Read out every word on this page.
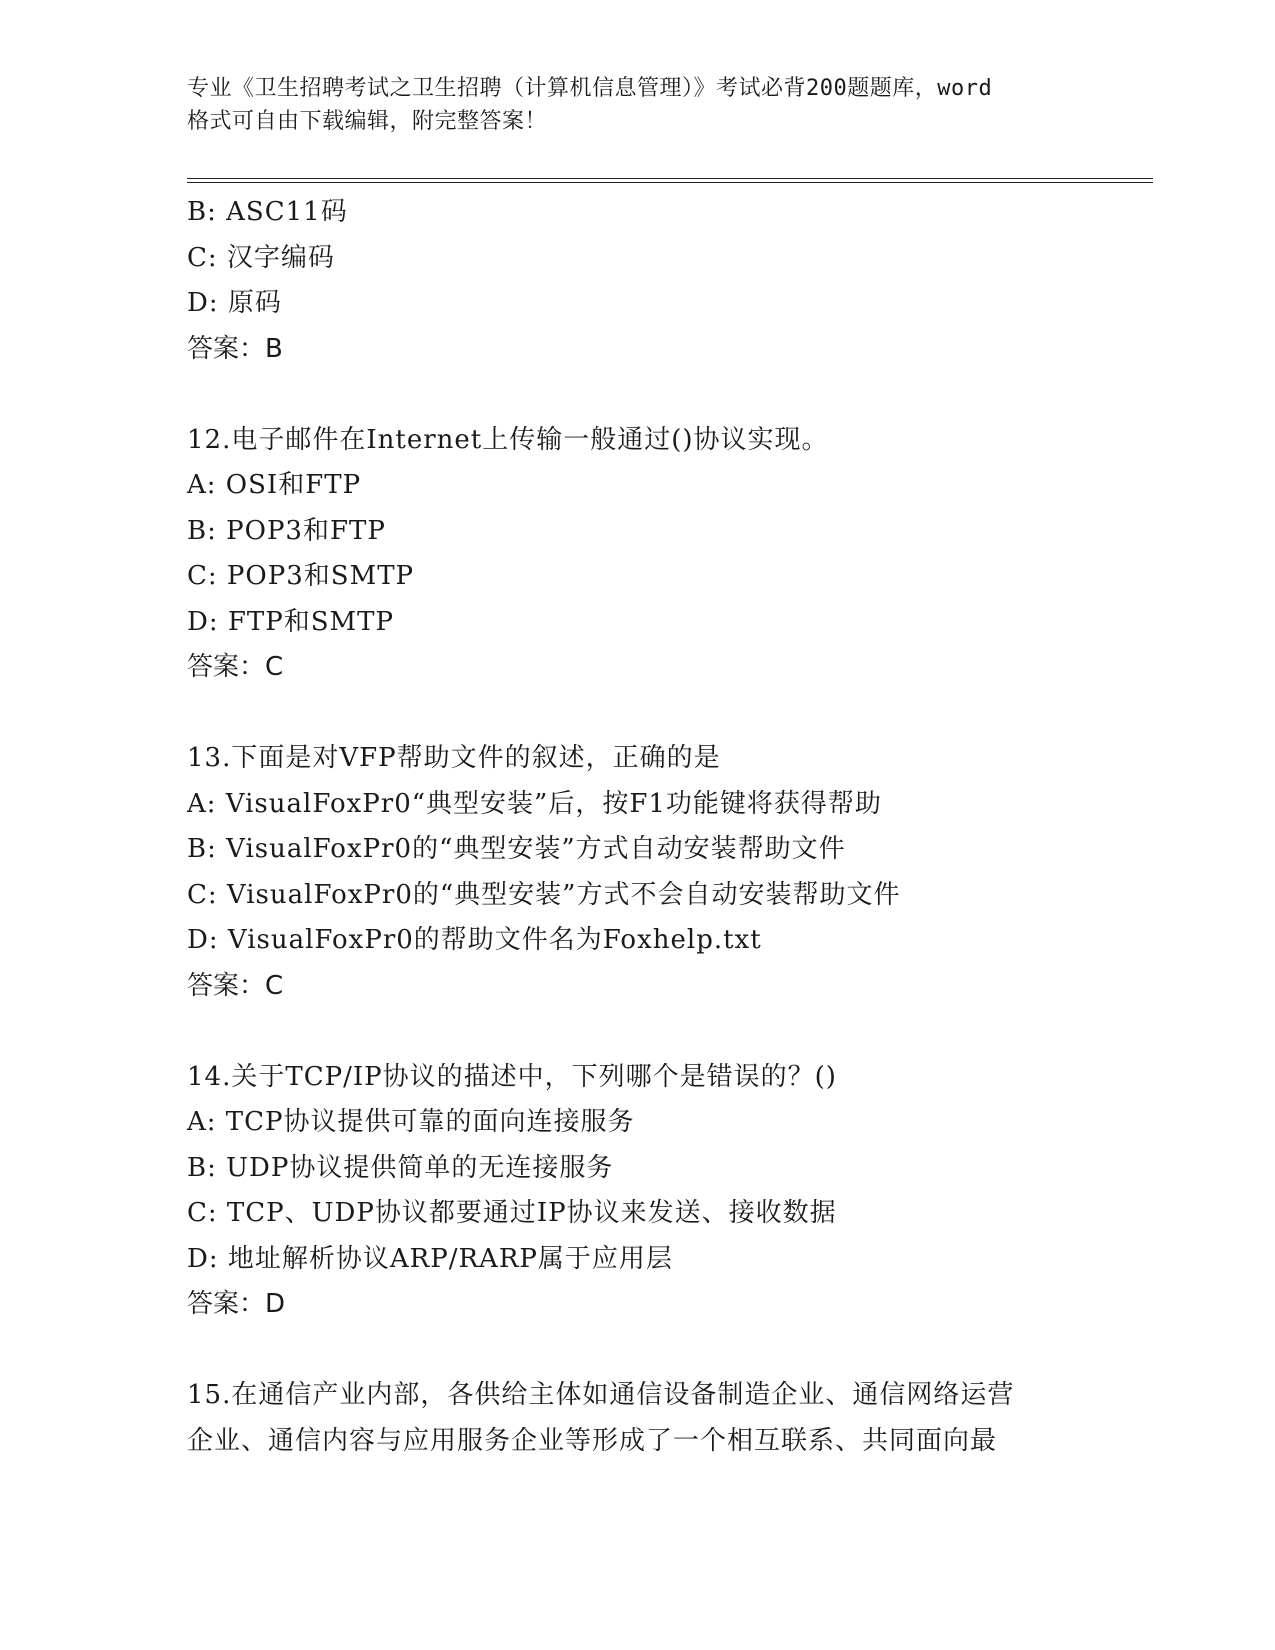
专业《卫生招聘考试之卫生招聘（计算机信息管理）》考试必背200题题库，word
格式可自由下载编辑，附完整答案！
B: ASC11码
C: 汉字编码
D: 原码
答案：B
12.电子邮件在Internet上传输一般通过()协议实现。
A: OSI和FTP
B: POP3和FTP
C: POP3和SMTP
D: FTP和SMTP
答案：C
13.下面是对VFP帮助文件的叙述，正确的是
A: VisualFoxPr0“典型安装”后，按F1功能键将获得帮助
B: VisualFoxPr0的“典型安装”方式自动安装帮助文件
C: VisualFoxPr0的“典型安装”方式不会自动安装帮助文件
D: VisualFoxPr0的帮助文件名为Foxhelp.txt
答案：C
14.关于TCP/IP协议的描述中，下列哪个是错误的？()
A: TCP协议提供可靠的面向连接服务
B: UDP协议提供简单的无连接服务
C: TCP、UDP协议都要通过IP协议来发送、接收数据
D: 地址解析协议ARP/RARP属于应用层
答案：D
15.在通信产业内部，各供给主体如通信设备制造企业、通信网络运营
企业、通信内容与应用服务企业等形成了一个相互联系、共同面向最
